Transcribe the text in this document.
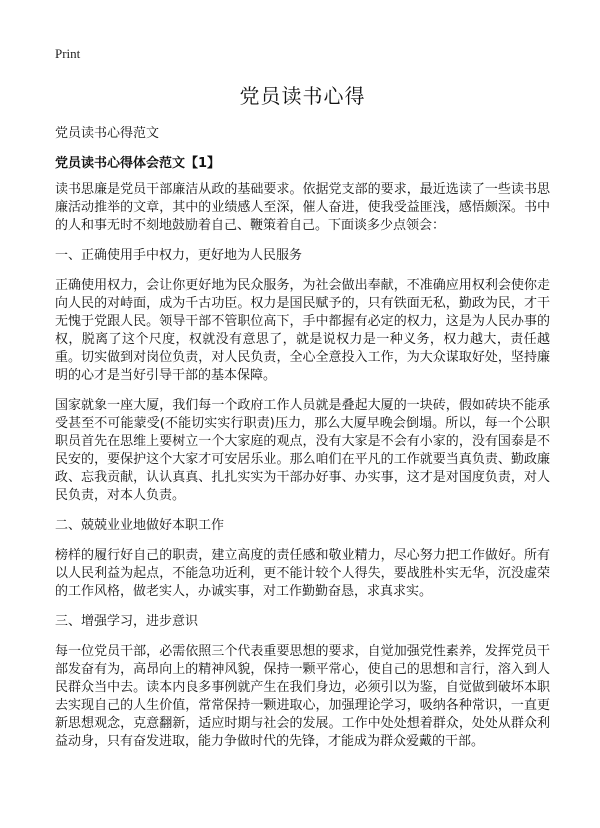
Print
党员读书心得
党员读书心得范文
党员读书心得体会范文【1】

读书思廉是党员干部廉洁从政的基础要求。依据党支部的要求，最近选读了一些读书思廉活动推举的文章，其中的业绩感人至深，催人奋进，使我受益匪浅，感悟颇深。书中的人和事无时不刻地鼓励着自己、鞭策着自己。下面谈多少点领会：

一、正确使用手中权力，更好地为人民服务

正确使用权力，会让你更好地为民众服务，为社会做出奉献，不准确应用权利会使你走向人民的对峙面，成为千古功臣。权力是国民赋予的，只有铁面无私，勤政为民，才干无愧于党跟人民。领导干部不管职位高下，手中都握有必定的权力，这是为人民办事的权，脱离了这个尺度，权就没有意思了，就是说权力是一种义务，权力越大，责任越重。切实做到对岗位负责，对人民负责，全心全意投入工作，为大众谋取好处，坚持廉明的心才是当好引导干部的基本保障。

国家就象一座大厦，我们每一个政府工作人员就是叠起大厦的一块砖，假如砖块不能承受甚至不可能蒙受(不能切实实行职责)压力，那么大厦早晚会倒塌。所以，每一个公职职员首先在思维上要树立一个大家庭的观点，没有大家是不会有小家的，没有国泰是不民安的，要保护这个大家才可安居乐业。那么咱们在平凡的工作就要当真负责、勤政廉政、忘我贡献，认认真真、扎扎实实为干部办好事、办实事，这才是对国度负责，对人民负责，对本人负责。

二、兢兢业业地做好本职工作

榜样的履行好自己的职责，建立高度的责任感和敬业精力，尽心努力把工作做好。所有以人民利益为起点，不能急功近利，更不能计较个人得失，要战胜朴实无华，沉没虚荣的工作风格，做老实人，办诚实事，对工作勤勤奋恳，求真求实。

三、增强学习，进步意识

每一位党员干部，必需依照三个代表重要思想的要求，自觉加强党性素养，发挥党员干部发奋有为，高昂向上的精神风貌，保持一颗平常心，使自己的思想和言行，溶入到人民群众当中去。读本内良多事例就产生在我们身边，必须引以为鉴，自觉做到破坏本职去实现自己的人生价值，常常保持一颗进取心，加强理论学习，吸纳各种常识，一直更新思想观念，克意翻新，适应时期与社会的发展。工作中处处想着群众，处处从群众利益动身，只有奋发进取，能力争做时代的先锋，才能成为群众爱戴的干部。
